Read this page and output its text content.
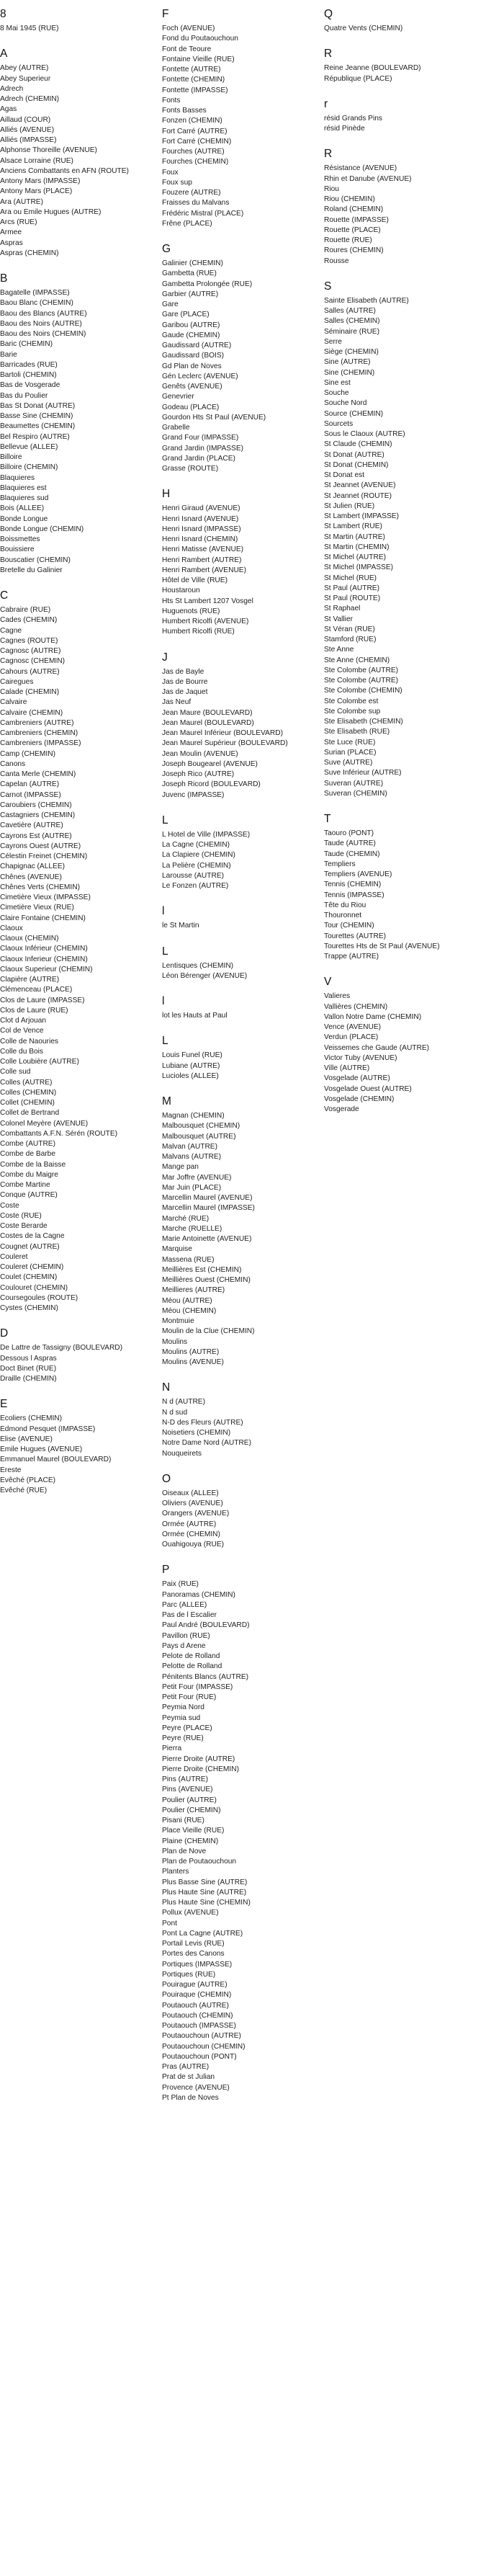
8
8 Mai 1945 (RUE)
A
Abey (AUTRE)
Abey Superieur
Adrech
Adrech (CHEMIN)
Agas
Aillaud (COUR)
Alliés (AVENUE)
Alliés (IMPASSE)
Alphonse Thoreille (AVENUE)
Alsace Lorraine (RUE)
Anciens Combattants en AFN (ROUTE)
Antony Mars (IMPASSE)
Antony Mars (PLACE)
Ara (AUTRE)
Ara ou Emile Hugues (AUTRE)
Arcs (RUE)
Armee
Aspras
Aspras (CHEMIN)
B
Bagatelle (IMPASSE)
Baou Blanc (CHEMIN)
Baou des Blancs (AUTRE)
Baou des Noirs (AUTRE)
Baou des Noirs (CHEMIN)
Baric (CHEMIN)
Barie
Barricades (RUE)
Bartoli (CHEMIN)
Bas de Vosgerade
Bas du Poulier
Bas St Donat (AUTRE)
Basse Sine (CHEMIN)
Beaumettes (CHEMIN)
Bel Respiro (AUTRE)
Bellevue (ALLEE)
Billoire
Billoire (CHEMIN)
Blaquieres
Blaquieres est
Blaquieres sud
Bois (ALLEE)
Bonde Longue
Bonde Longue (CHEMIN)
Boissmettes
Bouissiere
Bouscatier (CHEMIN)
Bretelle du Galinier
C
Cabraire (RUE)
Cades (CHEMIN)
Cagne
Cagnes (ROUTE)
Cagnosc (AUTRE)
Cagnosc (CHEMIN)
Cahours (AUTRE)
Cairegues
Calade (CHEMIN)
Calvaire
Calvaire (CHEMIN)
Cambreniers (AUTRE)
Cambreniers (CHEMIN)
Cambreniers (IMPASSE)
Camp (CHEMIN)
Canons
Canta Merle (CHEMIN)
Capelan (AUTRE)
Carnot (IMPASSE)
Caroubiers (CHEMIN)
Castagniers (CHEMIN)
Cavetière (AUTRE)
Cayrons Est (AUTRE)
Cayrons Ouest (AUTRE)
Célestin Freinet (CHEMIN)
Chapignac (ALLEE)
Chênes (AVENUE)
Chênes Verts (CHEMIN)
Cimetière Vieux (IMPASSE)
Cimetière Vieux (RUE)
Claire Fontaine (CHEMIN)
Claoux
Claoux (CHEMIN)
Claoux Inférieur (CHEMIN)
Claoux Inferieur (CHEMIN)
Claoux Superieur (CHEMIN)
Clapière (AUTRE)
Clémenceau (PLACE)
Clos de Laure (IMPASSE)
Clos de Laure (RUE)
Clot d Arjouan
Col de Vence
Colle de Naouries
Colle du Bois
Colle Loubière (AUTRE)
Colle sud
Colles (AUTRE)
Colles (CHEMIN)
Collet (CHEMIN)
Collet de Bertrand
Colonel Meyère (AVENUE)
Combattants A.F.N. Sérén (ROUTE)
Combe (AUTRE)
Combe de Barbe
Combe de la Baisse
Combe du Maigre
Combe Martine
Conque (AUTRE)
Coste
Coste (RUE)
Coste Berarde
Costes de la Cagne
Cougnet (AUTRE)
Couleret
Couleret (CHEMIN)
Coulet (CHEMIN)
Coulouret (CHEMIN)
Coursegoules (ROUTE)
Cystes (CHEMIN)
D
De Lattre de Tassigny (BOULEVARD)
Dessous l Aspras
Doct Binet (RUE)
Draille (CHEMIN)
E
Ecoliers (CHEMIN)
Edmond Pesquet (IMPASSE)
Elise (AVENUE)
Emile Hugues (AVENUE)
Emmanuel Maurel (BOULEVARD)
Ereste
Evêché (PLACE)
Evêché (RUE)
F
Foch (AVENUE)
Fond du Poutaouchoun
Font de Teoure
Fontaine Vieille (RUE)
Fontette (AUTRE)
Fontette (CHEMIN)
Fontette (IMPASSE)
Fonts
Fonts Basses
Fonzen (CHEMIN)
Fort Carré (AUTRE)
Fort Carré (CHEMIN)
Fourches (AUTRE)
Fourches (CHEMIN)
Foux
Foux sup
Fouzere (AUTRE)
Fraisses du Malvans
Frédéric Mistral (PLACE)
Frêne (PLACE)
G
Galinier (CHEMIN)
Gambetta (RUE)
Gambetta Prolongée (RUE)
Garbier (AUTRE)
Gare
Gare (PLACE)
Garibou (AUTRE)
Gaude (CHEMIN)
Gaudissard (AUTRE)
Gaudissard (BOIS)
Gd Plan de Noves
Gén Leclerc (AVENUE)
Genêts (AVENUE)
Genevrier
Godeau (PLACE)
Gourdon Hts St Paul (AVENUE)
Grabelle
Grand Four (IMPASSE)
Grand Jardin (IMPASSE)
Grand Jardin (PLACE)
Grasse (ROUTE)
H
Henri Giraud (AVENUE)
Henri Isnard (AVENUE)
Henri Isnard (IMPASSE)
Henri Isnard (CHEMIN)
Henri Matisse (AVENUE)
Henri Rambert (AUTRE)
Henri Rambert (AVENUE)
Hôtel de Ville (RUE)
Houstaroun
Hts St Lambert 1207 Vosgel
Huguenots (RUE)
Humbert Ricolfi (AVENUE)
Humbert Ricolfi (RUE)
J
Jas de Bayle
Jas de Bourre
Jas de Jaquet
Jas Neuf
Jean Maure (BOULEVARD)
Jean Maurel (BOULEVARD)
Jean Maurel Inférieur (BOULEVARD)
Jean Maurel Supérieur (BOULEVARD)
Jean Moulin (AVENUE)
Joseph Bougearel (AVENUE)
Joseph Rico (AUTRE)
Joseph Ricord (BOULEVARD)
Juvenc (IMPASSE)
L
L Hotel de Ville (IMPASSE)
La Cagne (CHEMIN)
La Clapiere (CHEMIN)
La Pelière (CHEMIN)
Larousse (AUTRE)
Le Fonzen (AUTRE)
l
le St Martin
L
Lentisques (CHEMIN)
Léon Bérenger (AVENUE)
l
lot les Hauts at Paul
L
Louis Funel (RUE)
Lubiane (AUTRE)
Lucioles (ALLEE)
M
Magnan (CHEMIN)
Malbousquet (CHEMIN)
Malbousquet (AUTRE)
Malvan (AUTRE)
Malvans (AUTRE)
Mange pan
Mar Joffre (AVENUE)
Mar Juin (PLACE)
Marcellin Maurel (AVENUE)
Marcellin Maurel (IMPASSE)
Marché (RUE)
Marche (RUELLE)
Marie Antoinette (AVENUE)
Marquise
Massena (RUE)
Meillières Est (CHEMIN)
Meillières Ouest (CHEMIN)
Meillieres (AUTRE)
Méou (AUTRE)
Méou (CHEMIN)
Montmuie
Moulin de la Clue (CHEMIN)
Moulins
Moulins (AUTRE)
Moulins (AVENUE)
N
N d (AUTRE)
N d sud
N-D des Fleurs (AUTRE)
Noisetiers (CHEMIN)
Notre Dame Nord (AUTRE)
Nouqueirets
O
Oiseaux (ALLEE)
Oliviers (AVENUE)
Orangers (AVENUE)
Ormée (AUTRE)
Ormée (CHEMIN)
Ouahigouya (RUE)
P
Paix (RUE)
Panoramas (CHEMIN)
Parc (ALLEE)
Pas de l Escalier
Paul André (BOULEVARD)
Pavillon (RUE)
Pays d Arene
Pelote de Rolland
Pelotte de Rolland
Pénitents Blancs (AUTRE)
Petit Four (IMPASSE)
Petit Four (RUE)
Peymia Nord
Peymia sud
Peyre (PLACE)
Peyre (RUE)
Pierra
Pierre Droite (AUTRE)
Pierre Droite (CHEMIN)
Pins (AUTRE)
Pins (AVENUE)
Poulier (AUTRE)
Poulier (CHEMIN)
Pisani (RUE)
Place Vieille (RUE)
Plaine (CHEMIN)
Plan de Nove
Plan de Poutaouchoun
Planters
Plus Basse Sine (AUTRE)
Plus Haute Sine (AUTRE)
Plus Haute Sine (CHEMIN)
Pollux (AVENUE)
Pont
Pont La Cagne (AUTRE)
Portail Levis (RUE)
Portes des Canons
Portiques (IMPASSE)
Portiques (RUE)
Pouirague (AUTRE)
Pouiraque (CHEMIN)
Poutaouch (AUTRE)
Poutaouch (CHEMIN)
Poutaouch (IMPASSE)
Poutaouchoun (AUTRE)
Poutaouchoun (CHEMIN)
Poutaouchoun (PONT)
Pras (AUTRE)
Prat de st Julian
Provence (AVENUE)
Pt Plan de Noves
Q
Quatre Vents (CHEMIN)
R
Reine Jeanne (BOULEVARD)
République (PLACE)
r
résid Grands Pins
résid Pinède
R
Résistance (AVENUE)
Rhin et Danube (AVENUE)
Riou
Riou (CHEMIN)
Roland (CHEMIN)
Rouette (IMPASSE)
Rouette (PLACE)
Rouette (RUE)
Roures (CHEMIN)
Rousse
S
Sainte Elisabeth (AUTRE)
Salles (AUTRE)
Salles (CHEMIN)
Séminaire (RUE)
Serre
Siège (CHEMIN)
Sine (AUTRE)
Sine (CHEMIN)
Sine est
Souche
Souche Nord
Source (CHEMIN)
Sourcets
Sous le Claoux (AUTRE)
St Claude (CHEMIN)
St Donat (AUTRE)
St Donat (CHEMIN)
St Donat est
St Jeannet (AVENUE)
St Jeannet (ROUTE)
St Julien (RUE)
St Lambert (IMPASSE)
St Lambert (RUE)
St Martin (AUTRE)
St Martin (CHEMIN)
St Michel (AUTRE)
St Michel (IMPASSE)
St Michel (RUE)
St Paul (AUTRE)
St Paul (ROUTE)
St Raphael
St Vallier
St Véran (RUE)
Stamford (RUE)
Ste Anne
Ste Anne (CHEMIN)
Ste Colombe (AUTRE)
Ste Colombe (AUTRE)
Ste Colombe (CHEMIN)
Ste Colombe est
Ste Colombe sup
Ste Elisabeth (CHEMIN)
Ste Elisabeth (RUE)
Ste Luce (RUE)
Surian (PLACE)
Suve (AUTRE)
Suve Inférieur (AUTRE)
Suveran (AUTRE)
Suveran (CHEMIN)
T
Taouro (PONT)
Taude (AUTRE)
Taude (CHEMIN)
Templiers
Templiers (AVENUE)
Tennis (CHEMIN)
Tennis (IMPASSE)
Tête du Riou
Thouronnet
Tour (CHEMIN)
Tourettes (AUTRE)
Tourettes Hts de St Paul (AVENUE)
Trappe (AUTRE)
V
Valieres
Vallières (CHEMIN)
Vallon Notre Dame (CHEMIN)
Vence (AVENUE)
Verdun (PLACE)
Veissemes che Gaude (AUTRE)
Victor Tuby (AVENUE)
Ville (AUTRE)
Vosgelade (AUTRE)
Vosgelade Ouest (AUTRE)
Vosgelade (CHEMIN)
Vosgerade
